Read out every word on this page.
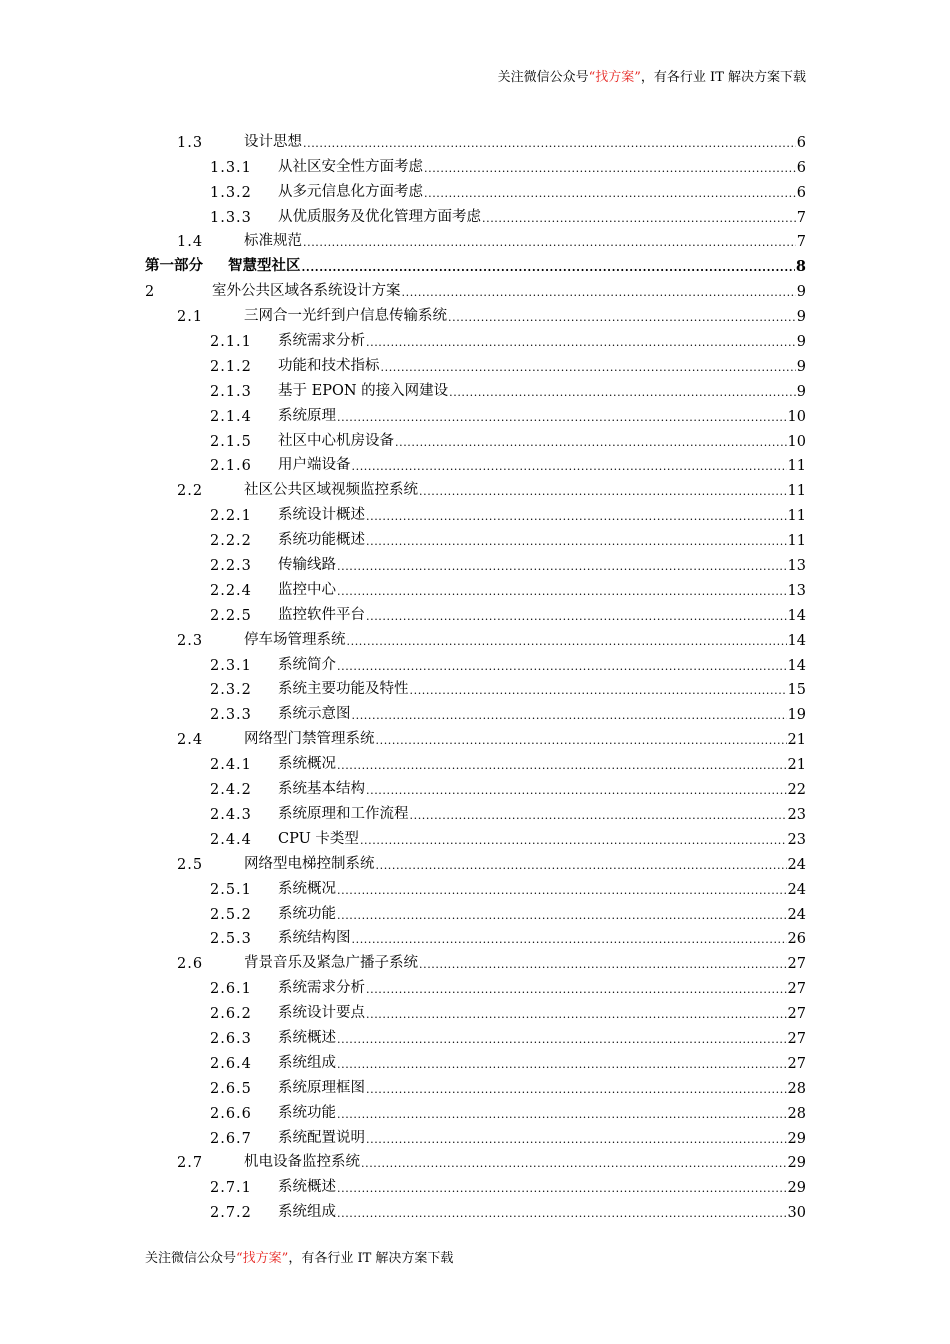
关注微信公众号“找方案”，有各行业 IT 解决方案下载
1.3	设计思想 .....	6
1.3.1	从社区安全性方面考虑 .....	6
1.3.2	从多元信息化方面考虑 .....	6
1.3.3	从优质服务及优化管理方面考虑 .....	7
1.4	标准规范 .....	7
第一部分	智慧型社区 .....	8
2	室外公共区域各系统设计方案 .....	9
2.1	三网合一光纤到户信息传输系统 .....	9
2.1.1	系统需求分析 .....	9
2.1.2	功能和技术指标 .....	9
2.1.3	基于 EPON 的接入网建设 .....	9
2.1.4	系统原理 .....	10
2.1.5	社区中心机房设备 .....	10
2.1.6	用户端设备 .....	11
2.2	社区公共区域视频监控系统 .....	11
2.2.1	系统设计概述 .....	11
2.2.2	系统功能概述 .....	11
2.2.3	传输线路 .....	13
2.2.4	监控中心 .....	13
2.2.5	监控软件平台 .....	14
2.3	停车场管理系统 .....	14
2.3.1	系统简介 .....	14
2.3.2	系统主要功能及特性 .....	15
2.3.3	系统示意图 .....	19
2.4	网络型门禁管理系统 .....	21
2.4.1	系统概况 .....	21
2.4.2	系统基本结构 .....	22
2.4.3	系统原理和工作流程 .....	23
2.4.4	CPU 卡类型 .....	23
2.5	网络型电梯控制系统 .....	24
2.5.1	系统概况 .....	24
2.5.2	系统功能 .....	24
2.5.3	系统结构图 .....	26
2.6	背景音乐及紧急广播子系统 .....	27
2.6.1	系统需求分析 .....	27
2.6.2	系统设计要点 .....	27
2.6.3	系统概述 .....	27
2.6.4	系统组成 .....	27
2.6.5	系统原理框图 .....	28
2.6.6	系统功能 .....	28
2.6.7	系统配置说明 .....	29
2.7	机电设备监控系统 .....	29
2.7.1	系统概述 .....	29
2.7.2	系统组成 .....	30
关注微信公众号“找方案”，有各行业 IT 解决方案下载
